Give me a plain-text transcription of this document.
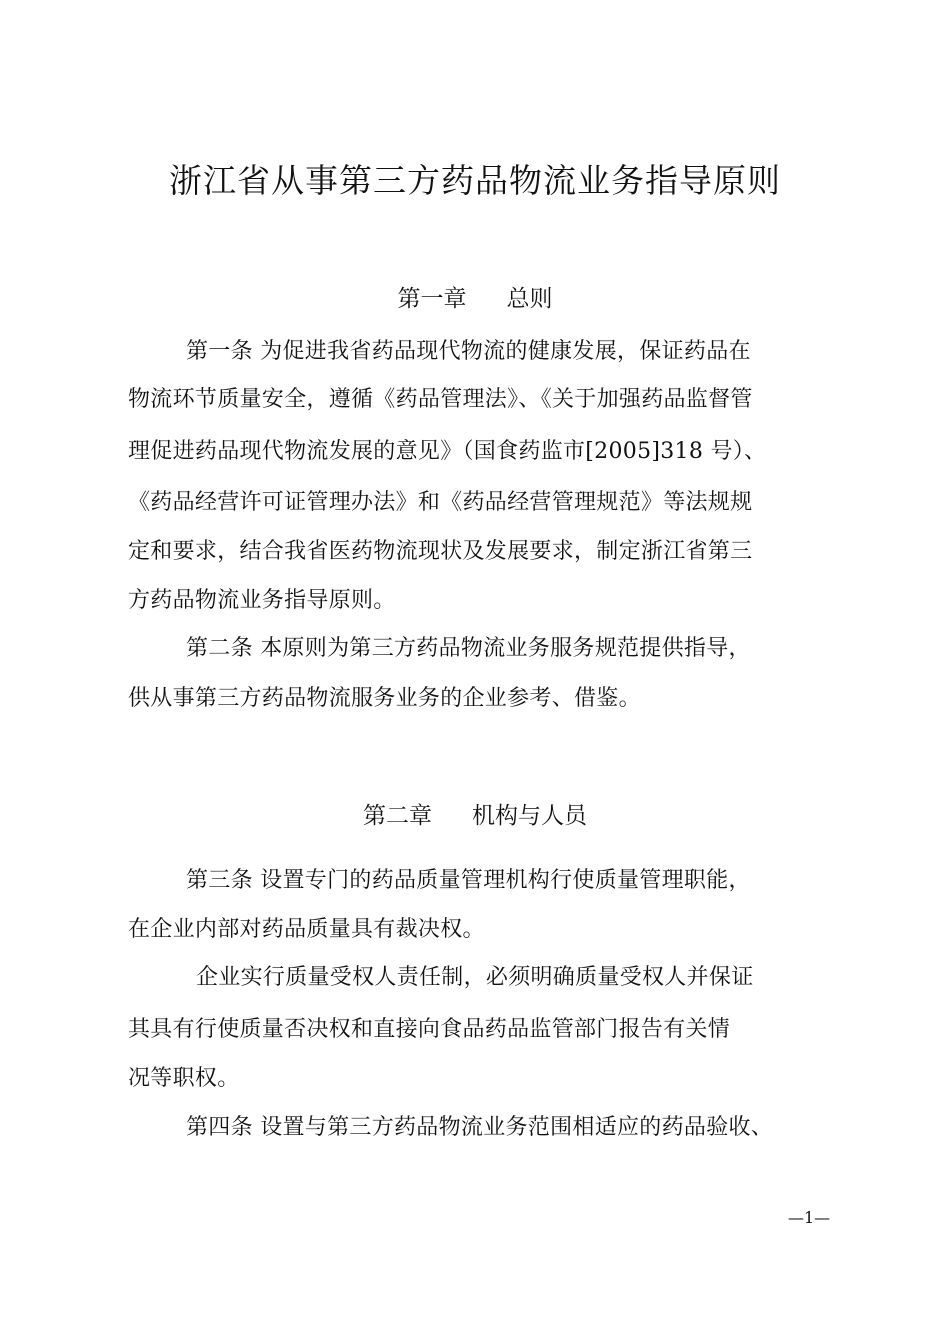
浙江省从事第三方药品物流业务指导原则
第一章 总则
第一条 为促进我省药品现代物流的健康发展，保证药品在
物流环节质量安全，遵循《药品管理法》、《关于加强药品监督管
理促进药品现代物流发展的意见》（国食药监市[2005]318 号）、
《药品经营许可证管理办法》和《药品经营管理规范》等法规规
定和要求，结合我省医药物流现状及发展要求，制定浙江省第三
方药品物流业务指导原则。
第二条 本原则为第三方药品物流业务服务规范提供指导，
供从事第三方药品物流服务业务的企业参考、借鉴。
第二章 机构与人员
第三条 设置专门的药品质量管理机构行使质量管理职能，
在企业内部对药品质量具有裁决权。
企业实行质量受权人责任制，必须明确质量受权人并保证
其具有行使质量否决权和直接向食品药品监管部门报告有关情
况等职权。
第四条 设置与第三方药品物流业务范围相适应的药品验收、
—1—
